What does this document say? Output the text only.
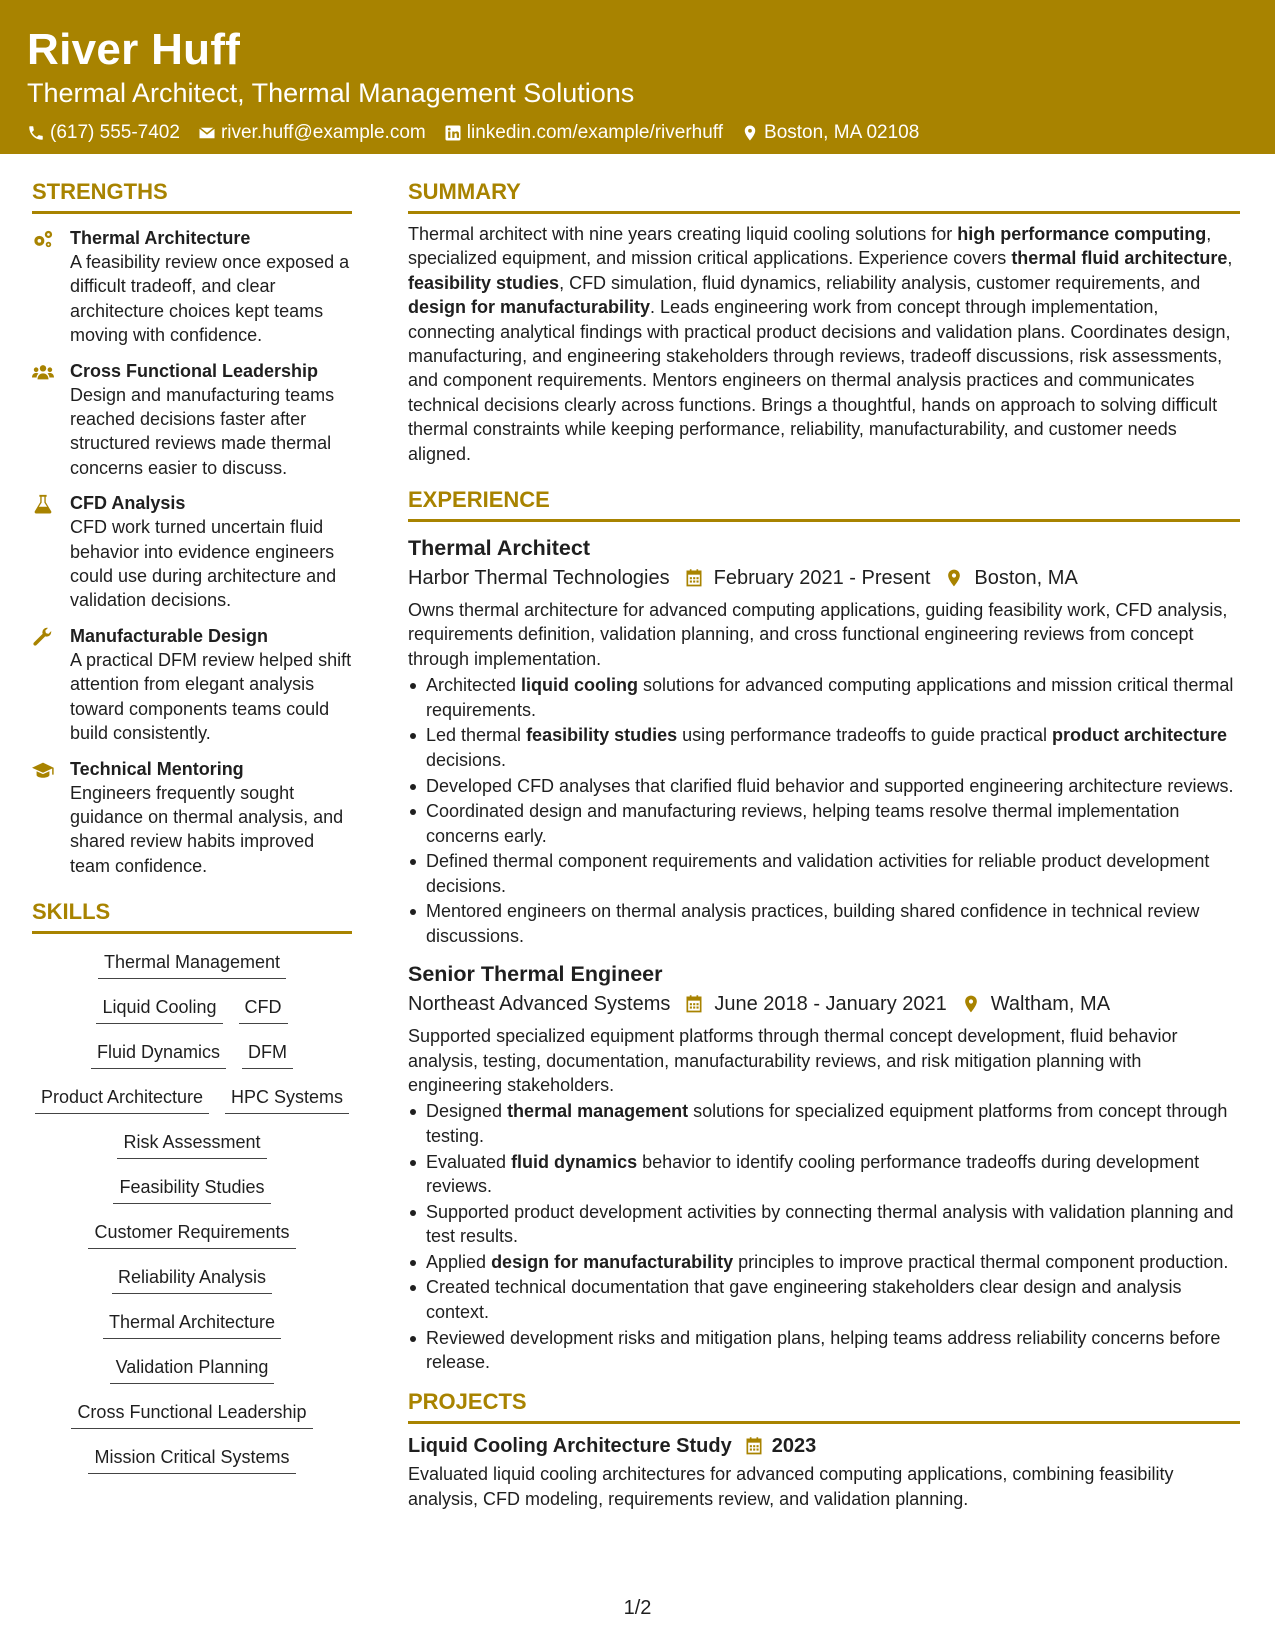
River Huff
Thermal Architect, Thermal Management Solutions
(617) 555-7402 river.huff@example.com linkedin.com/example/riverhuff Boston, MA 02108
STRENGTHS
Thermal Architecture
A feasibility review once exposed a difficult tradeoff, and clear architecture choices kept teams moving with confidence.
Cross Functional Leadership
Design and manufacturing teams reached decisions faster after structured reviews made thermal concerns easier to discuss.
CFD Analysis
CFD work turned uncertain fluid behavior into evidence engineers could use during architecture and validation decisions.
Manufacturable Design
A practical DFM review helped shift attention from elegant analysis toward components teams could build consistently.
Technical Mentoring
Engineers frequently sought guidance on thermal analysis, and shared review habits improved team confidence.
SKILLS
Thermal Management
Liquid Cooling	CFD
Fluid Dynamics	DFM
Product Architecture	HPC Systems
Risk Assessment
Feasibility Studies
Customer Requirements
Reliability Analysis
Thermal Architecture
Validation Planning
Cross Functional Leadership
Mission Critical Systems
SUMMARY
Thermal architect with nine years creating liquid cooling solutions for high performance computing, specialized equipment, and mission critical applications. Experience covers thermal fluid architecture, feasibility studies, CFD simulation, fluid dynamics, reliability analysis, customer requirements, and design for manufacturability. Leads engineering work from concept through implementation, connecting analytical findings with practical product decisions and validation plans. Coordinates design, manufacturing, and engineering stakeholders through reviews, tradeoff discussions, risk assessments, and component requirements. Mentors engineers on thermal analysis practices and communicates technical decisions clearly across functions. Brings a thoughtful, hands on approach to solving difficult thermal constraints while keeping performance, reliability, manufacturability, and customer needs aligned.
EXPERIENCE
Thermal Architect
Harbor Thermal Technologies February 2021 - Present Boston, MA
Owns thermal architecture for advanced computing applications, guiding feasibility work, CFD analysis, requirements definition, validation planning, and cross functional engineering reviews from concept through implementation.
Architected liquid cooling solutions for advanced computing applications and mission critical thermal requirements.
Led thermal feasibility studies using performance tradeoffs to guide practical product architecture decisions.
Developed CFD analyses that clarified fluid behavior and supported engineering architecture reviews.
Coordinated design and manufacturing reviews, helping teams resolve thermal implementation concerns early.
Defined thermal component requirements and validation activities for reliable product development decisions.
Mentored engineers on thermal analysis practices, building shared confidence in technical review discussions.
Senior Thermal Engineer
Northeast Advanced Systems June 2018 - January 2021 Waltham, MA
Supported specialized equipment platforms through thermal concept development, fluid behavior analysis, testing, documentation, manufacturability reviews, and risk mitigation planning with engineering stakeholders.
Designed thermal management solutions for specialized equipment platforms from concept through testing.
Evaluated fluid dynamics behavior to identify cooling performance tradeoffs during development reviews.
Supported product development activities by connecting thermal analysis with validation planning and test results.
Applied design for manufacturability principles to improve practical thermal component production.
Created technical documentation that gave engineering stakeholders clear design and analysis context.
Reviewed development risks and mitigation plans, helping teams address reliability concerns before release.
PROJECTS
Liquid Cooling Architecture Study 2023
Evaluated liquid cooling architectures for advanced computing applications, combining feasibility analysis, CFD modeling, requirements review, and validation planning.
1/2
